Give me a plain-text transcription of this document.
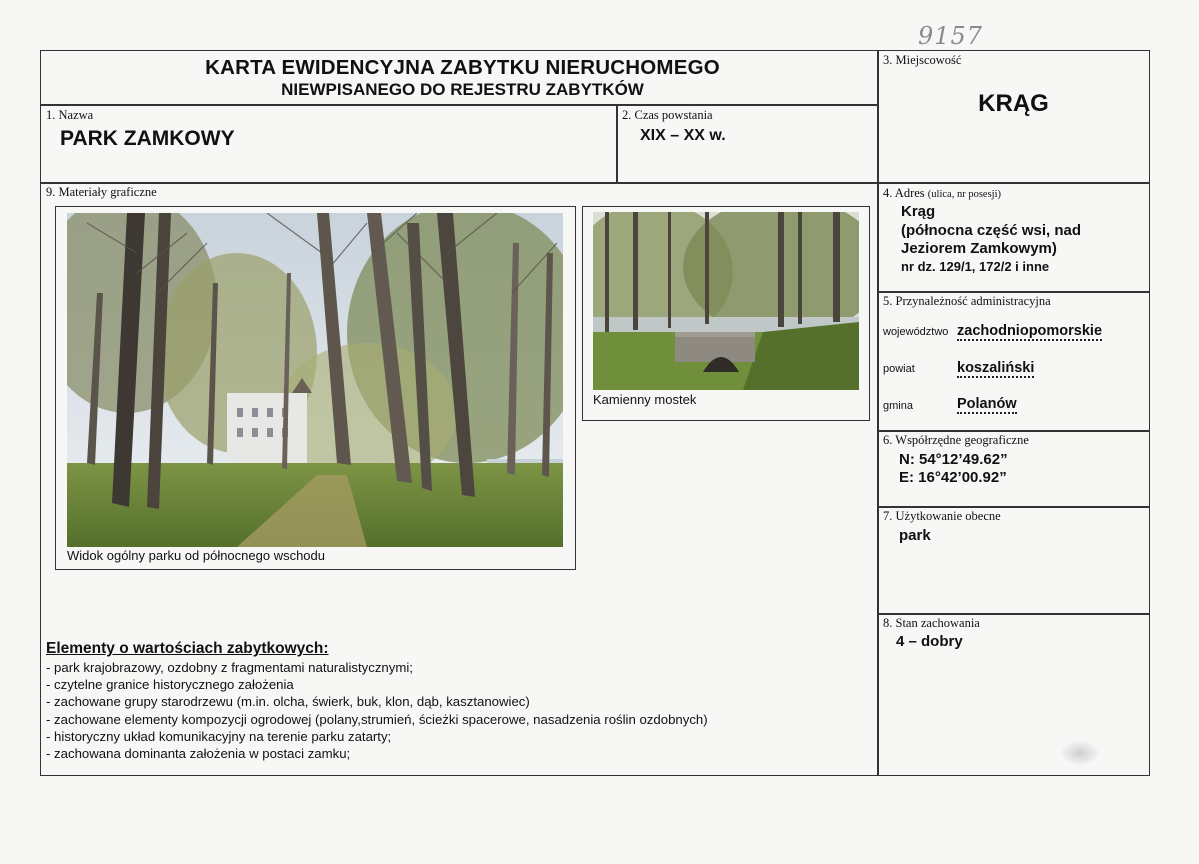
9157
KARTA EWIDENCYJNA ZABYTKU NIERUCHOMEGO
NIEWPISANEGO DO REJESTRU ZABYTKÓW
1. Nazwa
PARK ZAMKOWY
2. Czas powstania
XIX – XX w.
3. Miejscowość
KRĄG
9. Materiały graficzne
Widok ogólny parku od północnego wschodu
Kamienny mostek
Elementy o wartościach zabytkowych:
- park krajobrazowy, ozdobny z fragmentami naturalistycznymi;
- czytelne granice historycznego założenia
- zachowane grupy starodrzewu (m.in. olcha, świerk, buk, klon, dąb, kasztanowiec)
- zachowane elementy kompozycji ogrodowej (polany,strumień, ścieżki spacerowe, nasadzenia roślin ozdobnych)
- historyczny układ komunikacyjny na terenie parku zatarty;
- zachowana dominanta założenia w postaci zamku;
4. Adres (ulica, nr posesji)
Krąg
(północna część wsi, nad
Jeziorem Zamkowym)
nr dz. 129/1, 172/2 i inne
5. Przynależność administracyjna
województwo zachodniopomorskie
powiat	koszaliński
gmina	Polanów
6. Współrzędne geograficzne
N: 54°12’49.62”
E: 16°42’00.92”
7. Użytkowanie obecne
park
8. Stan zachowania
4 – dobry
